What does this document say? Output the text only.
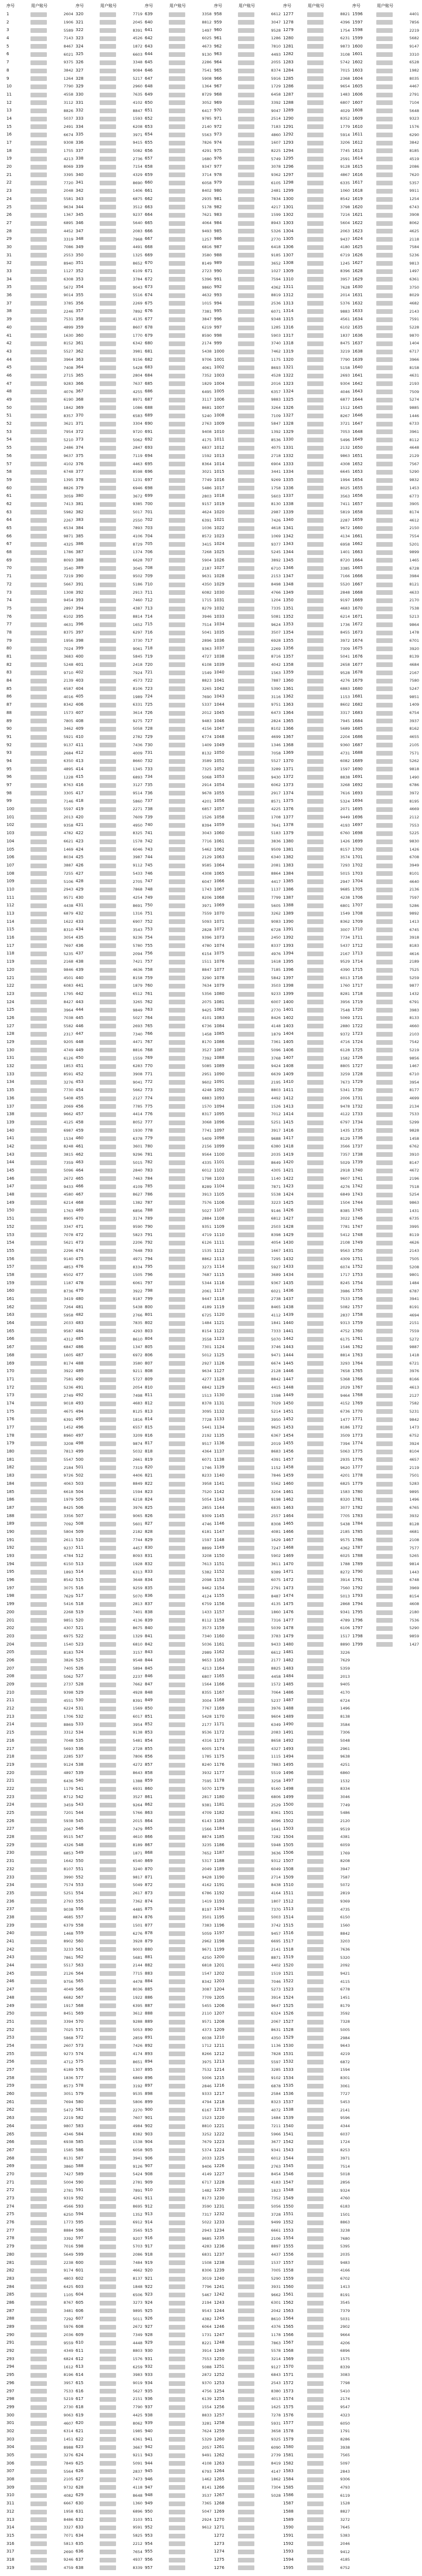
序号	用户账号	序号	用户账号	序号	用户账号	序号	用户账号	序号	用户账号	序号	用户账号
1	2604	320	7719	639	3358	958	6612	1277	8821	1596	4401
2	1906	321	2045	640	8812	959	3047	1278	4396	1597	7856
3	5589	322	8391	641	1497	960	9528	1279	1754	1598	2219
4	7143	323	4526	642	6025	961	1286	1280	6231	1599	5682
5	8467	324	1872	643	4673	962	7810	1281	9873	1600	9147
6	6021	325	6603	644	9130	963	4493	1282	3108	1601	3310
7	9375	326	3348	645	2286	964	2055	1283	5742	1602	6528
8	3842	327	9084	646	7541	965	8374	1284	7015	1603	1982
9	1264	328	5217	647	5908	966	5916	1285	2368	1604	8035
10	7790	329	2960	648	1364	967	1729	1286	9654	1605	4467
11	4558	330	7635	649	8729	968	6458	1287	1483	1606	2791
12	3112	331	4102	650	3052	969	3392	1288	6807	1607	7104
13	8826	332	8847	651	6417	970	9047	1289	4029	1608	5648
14	5037	333	1593	652	9785	971	2514	1290	8352	1609	9323
15	2491	334	6208	653	2140	972	7183	1291	1779	1610	1576
16	6674	335	3971	654	5563	973	4860	1292	5914	1611	6290
17	9308	336	9415	655	7826	974	1607	1293	3206	1612	3842
18	1755	337	5082	656	4291	975	8225	1294	7745	1613	8185
19	4213	338	2736	657	1680	976	5749	1295	2591	1614	4519
20	8069	339	7154	658	9347	977	3078	1296	9128	1615	2086
21	3395	340	4329	659	3714	978	9362	1297	4867	1616	7620
22	7720	341	8690	660	6058	979	6105	1298	6335	1617	5357
23	2048	342	1406	661	8402	980	2481	1299	1060	1618	9911
24	5581	343	6875	662	2935	981	7834	1300	8542	1619	1254
25	9634	344	3512	663	5178	982	4217	1301	3798	1620	6743
26	1367	345	9237	664	7621	983	1599	1302	7216	1621	3908
27	6895	346	5640	665	4064	984	8943	1303	5604	1622	8062
28	4452	347	2083	666	9493	985	5326	1304	2063	1623	4625
29	3319	348	7968	667	1257	986	2770	1305	9437	1624	2118
30	7086	349	4491	668	6816	987	6418	1306	4180	1625	7584
31	2553	350	1325	669	3580	988	9185	1307	6719	1626	5236
32	8940	351	8652	670	8149	989	3652	1308	1245	1627	9813
33	1127	352	6109	671	2723	990	1027	1309	8396	1628	1497
34	6308	353	3784	672	5396	991	7594	1310	3957	1629	6361
35	5672	354	9043	673	9860	992	4362	1311	7628	1630	3750
36	9014	355	5516	674	4632	993	8819	1312	2014	1631	8029
37	3785	356	2269	675	1015	994	2536	1313	5376	1632	4682
38	2246	357	7892	676	7381	995	6071	1314	9883	1633	2143
39	7531	358	4135	677	3847	996	9348	1315	4561	1634	7591
40	4899	359	8607	678	6219	997	1285	1316	6102	1635	5228
41	1630	360	1770	679	8590	998	5903	1317	1837	1636	9870
42	8152	361	6342	680	2174	999	3740	1318	8475	1637	1404
43	5527	362	3981	681	5438	1000	7462	1319	3219	1638	6717
44	3964	363	9156	682	9706	1001	1175	1320	7790	1639	3966
45	7408	364	5428	683	4061	1002	8693	1321	5158	1640	8158
46	2715	365	2804	684	7352	1003	4528	1322	2693	1641	4631
47	9283	366	7637	685	1829	1004	2016	1323	9304	1642	2193
48	4076	367	4255	686	6495	1005	6357	1324	4046	1643	7509
49	6190	368	8971	687	3117	1006	9883	1325	6877	1644	5274
50	1842	369	1086	688	8681	1007	3264	1326	1512	1645	9885
51	8357	370	6583	689	5240	1008	7109	1327	8267	1646	1446
52	3621	371	3304	690	2763	1009	5847	1328	3721	1647	6733
53	7954	372	9720	691	9408	1010	1392	1329	7053	1648	3961
54	5210	373	5062	692	4175	1011	8536	1330	5496	1649	8112
55	2486	374	2847	693	6837	1012	4075	1331	2132	1650	4648
56	9637	375	7119	694	1592	1013	2718	1332	9863	1651	2129
57	4102	376	4463	695	8364	1014	6904	1333	4308	1652	7567
58	6748	377	8598	696	3021	1015	3441	1334	6645	1653	5290
59	1395	378	1231	697	7749	1016	9269	1335	1994	1654	9832
60	8826	379	6946	698	5486	1017	1758	1336	8025	1655	1453
61	3059	380	3672	699	2803	1018	5603	1337	3563	1656	6773
62	7413	381	9385	700	9157	1019	8130	1338	7411	1657	3905
63	5982	382	5017	701	4624	1020	2987	1339	5819	1658	8174
64	2267	383	2550	702	6391	1021	7426	1340	2287	1659	4612
65	6534	384	7893	703	1036	1022	4618	1341	9672	1660	2150
66	9871	385	4106	704	8572	1023	1069	1342	4134	1661	7554
67	4325	386	8729	705	3415	1024	9377	1343	6958	1662	5201
68	1786	387	1374	706	7268	1025	5245	1344	1401	1663	9899
69	8093	388	6628	707	5904	1026	3892	1345	8720	1664	1465
70	3540	389	3045	708	2187	1027	6710	1346	3385	1665	6728
71	7219	390	9502	709	9631	1028	2153	1347	7166	1666	3984
72	5667	391	5186	710	4350	1029	8498	1348	5520	1667	8121
73	1308	392	2913	711	6082	1030	4766	1349	2848	1668	4633
74	9454	393	7460	712	1715	1031	1204	1350	9197	1669	2170
75	2897	394	4387	713	8279	1032	7335	1351	4683	1670	7538
76	6102	395	8814	714	3946	1033	5081	1352	6214	1671	5213
77	4631	396	1652	715	7514	1034	9624	1353	1736	1672	9864
78	8375	397	6297	716	5041	1035	3507	1354	8455	1673	1478
79	1956	398	3730	717	2896	1036	6928	1355	3972	1674	6701
80	7024	399	9061	718	9363	1037	2269	1356	7309	1675	3920
81	3683	400	5845	719	4727	1038	8716	1357	5041	1676	8139
82	5248	401	2418	720	6108	1039	4042	1358	2658	1677	4684
83	9710	402	7924	721	1549	1040	1563	1359	9528	1678	2167
84	2139	403	4573	722	8823	1041	7887	1360	4276	1679	7580
85	6587	404	8106	723	3265	1042	5390	1361	6883	1680	5247
86	4016	405	1989	724	7690	1043	3116	1362	1153	1681	9851
87	8342	406	6331	725	5337	1044	9751	1363	8602	1682	1409
88	1573	407	3614	726	2012	1045	6473	1364	3317	1683	6754
89	7805	408	9275	727	9483	1046	2824	1365	7945	1684	3937
90	3462	409	5058	728	4156	1047	8102	1366	5689	1685	8162
91	5921	410	2782	729	6774	1048	4699	1367	2204	1686	4655
92	9137	411	7436	730	1409	1049	1346	1368	9360	1687	2105
93	2684	412	4009	731	8132	1050	7058	1369	4731	1688	7571
94	6350	413	8660	732	3589	1051	5527	1370	6082	1689	5262
95	4895	414	1345	733	7325	1052	3289	1371	1597	1690	9818
96	1228	415	6893	734	5068	1053	9430	1372	8838	1691	1490
97	8763	416	3127	735	2914	1054	6062	1373	3268	1692	6786
98	3305	417	9514	736	9678	1055	2917	1374	7616	1693	3972
99	7146	418	5860	737	4201	1056	8571	1375	5324	1694	8195
100	5597	419	2271	738	6857	1057	4225	1376	2071	1695	4669
101	2013	420	7609	739	1526	1058	1708	1377	9449	1696	2112
102	9358	421	4950	740	8394	1059	7641	1378	4193	1697	7553
103	4782	422	8325	741	3043	1060	5183	1379	6760	1698	5225
104	6621	423	1578	742	7716	1061	3836	1380	1426	1699	9830
105	1469	424	6046	743	5462	1062	9509	1381	8157	1700	1426
106	8034	425	3987	744	2129	1063	6340	1382	3574	1701	6708
107	3887	426	9112	745	9585	1064	2081	1383	7293	1702	3949
108	7255	427	5433	746	4308	1065	8864	1384	5015	1703	8101
109	5106	428	2705	747	6047	1066	4417	1385	2947	1704	4640
110	2943	429	7868	748	1743	1067	1137	1386	9685	1705	2136
111	9571	430	4254	749	8206	1068	7799	1387	4238	1706	7597
112	4438	431	8691	750	3971	1069	5605	1388	6801	1707	5286
113	6879	432	1316	751	7559	1070	3262	1389	1549	1708	9892
114	1622	433	6907	752	5093	1071	9083	1390	8362	1709	1413
115	8310	434	3543	753	2828	1072	6728	1391	3007	1710	6745
116	3054	435	9236	754	9396	1073	2450	1392	7734	1711	3918
117	7697	436	5780	755	4780	1074	8337	1393	5437	1712	8183
118	5235	437	2094	756	6154	1075	4976	1394	2167	1713	4616
119	2168	438	7421	757	1511	1076	1618	1395	9529	1714	2189
120	9846	439	4636	758	8847	1077	7185	1396	4390	1715	7525
121	4501	440	8158	759	3290	1078	5842	1397	6013	1716	5259
122	6083	441	1879	760	7634	1079	3503	1398	1760	1717	9877
123	1795	442	6512	761	5356	1080	9233	1399	8281	1718	1432
124	8427	443	3265	762	2075	1081	6007	1400	3956	1719	6791
125	3964	444	9849	763	9425	1082	2770	1401	7548	1720	3983
126	7038	445	5027	764	4101	1083	8426	1402	5069	1721	8133
127	5582	446	2693	765	6736	1084	4148	1403	2880	1722	4660
128	2317	447	7340	766	1458	1085	1879	1404	9372	1723	2103
129	9205	448	4471	767	8170	1086	7361	1405	4716	1724	7542
130	4749	449	8816	768	3527	1087	5096	1406	6128	1725	5219
131	6126	450	1559	769	7392	1088	3768	1407	1582	1726	9856
132	1853	451	6283	770	5085	1089	9424	1408	8805	1727	1467
133	8591	452	3908	771	2951	1090	6639	1409	3259	1728	6710
134	3276	453	9041	772	9602	1091	2195	1410	7673	1729	3954
135	7730	454	5662	773	4248	1092	8803	1411	5341	1730	8177
136	5408	455	2127	774	6883	1093	4492	1412	2006	1731	4699
137	2069	456	7785	775	1570	1094	1526	1413	9478	1732	2134
138	9662	457	4414	776	8317	1095	7012	1414	4122	1733	7533
139	4125	458	8052	777	3068	1096	5251	1415	6797	1734	5299
140	6987	459	1930	778	7741	1097	3917	1416	1435	1735	9828
141	1534	460	6378	779	5409	1098	9688	1417	8129	1736	1458
142	8248	461	3601	780	2156	1099	6380	1418	3566	1737	6762
143	3815	462	9296	781	9564	1100	2035	1419	7357	1738	3910
144	7359	463	5015	782	4335	1101	8649	1420	5029	1739	8147
145	5096	464	2840	783	6012	1102	4305	1421	2918	1740	4672
146	2672	465	7463	784	1798	1103	1140	1422	9607	1741	2196
147	9433	466	4109	785	8289	1104	7871	1423	4276	1742	7518
148	4580	467	8627	786	3913	1105	5538	1424	6849	1743	5254
149	6214	468	1382	787	7576	1106	3223	1425	1504	1744	9863
150	1763	469	6856	788	5027	1107	9146	1426	8385	1745	1431
151	8905	470	3174	789	2884	1108	6812	1427	3022	1746	6735
152	3347	471	9590	790	9351	1109	2503	1428	7781	1747	3995
153	7078	472	5823	791	4719	1110	8398	1429	5412	1748	8119
154	5621	473	2206	792	6126	1111	4054	1430	2108	1749	4626
155	2296	474	7648	793	1535	1112	1667	1431	9563	1750	2143
156	9140	475	4971	794	8862	1113	7295	1432	4309	1751	7505
157	4853	476	8334	795	3273	1114	5927	1433	6074	1752	5208
158	6502	477	1505	796	7687	1115	3689	1434	1717	1753	9801
159	1187	478	6061	797	5344	1116	9367	1435	8245	1754	1484
160	8736	479	3922	798	2061	1117	6021	1436	3986	1755	6787
161	3419	480	9187	799	9447	1118	2738	1437	7533	1756	3941
162	7264	481	5438	800	4189	1119	8465	1438	5082	1757	8191
163	5958	482	2766	801	6725	1120	4112	1439	2837	1758	4694
164	2033	483	7835	802	1484	1121	1841	1440	9313	1759	2151
165	9587	484	4293	803	8154	1122	7333	1441	4752	1760	7559
166	4312	485	8610	804	3558	1123	5070	1442	6175	1761	5272
167	6847	486	1347	805	7301	1124	3746	1443	1546	1762	9887
168	1605	487	6972	806	5012	1125	9471	1444	8814	1763	1418
169	8174	488	3580	807	2927	1126	6674	1445	3293	1764	6721
170	3922	489	9211	808	9634	1127	2128	1446	7658	1765	3976
171	7581	490	5727	809	4277	1128	8842	1447	5368	1766	8166
172	5236	491	2054	810	6842	1129	4415	1448	2029	1767	4613
173	2749	492	7498	811	1513	1130	1598	1449	9464	1768	2127
174	9018	493	4683	812	8378	1131	7029	1450	4152	1769	7582
175	4675	494	8125	813	3095	1132	5214	1451	6736	1770	5231
176	6391	495	1816	814	7728	1133	3950	1452	1477	1771	9842
177	1452	496	6557	815	5441	1134	9625	1453	8186	1772	1473
178	8960	497	3209	816	2192	1135	6367	1454	3509	1773	6752
179	3208	498	9874	817	9517	1136	2019	1455	7394	1774	3924
180	7813	499	5032	818	4364	1137	8683	1456	5063	1775	8104
181	5547	500	2661	819	6071	1138	4391	1457	2935	1776	4657
182	2184	501	7319	820	1746	1139	1152	1458	9620	1777	2119
183	9726	502	4406	821	8233	1140	7846	1459	4201	1778	7501
184	4063	503	8849	822	3958	1141	5562	1460	6825	1779	5283
185	6618	504	1594	823	7520	1142	3204	1461	1583	1780	9895
186	1979	505	6218	824	5054	1143	9198	1462	8320	1781	1496
187	8425	506	3976	825	2855	1144	6835	1463	3077	1782	6765
188	3356	507	9065	826	9309	1145	2557	1464	7705	1783	3932
189	7092	508	5601	827	4746	1146	8308	1465	5438	1784	8128
190	5804	509	2182	828	6181	1147	4081	1466	2185	1785	4681
191	2611	510	7744	829	1597	1148	1629	1467	9575	1786	2108
192	9237	511	4457	830	8899	1149	7247	1468	4362	1787	7577
193	4784	512	8093	831	3208	1150	5902	1469	6025	1788	5265
194	6150	513	1928	832	7613	1151	3611	1470	1788	1789	9814
195	1893	514	6313	833	5382	1152	9389	1471	8272	1790	1443
196	8542	515	3648	834	2098	1153	6075	1472	3914	1791	6748
197	3075	516	9259	835	9462	1154	2791	1473	7560	1792	3969
198	7629	517	5070	836	4124	1155	8487	1474	5013	1793	8154
199	5416	518	2813	837	6759	1156	4135	1475	2868	1794	4608
200	2268	519	7401	838	1433	1157	1860	1476	9341	1795	2180
201	9851	520	4136	839	8112	1158	7316	1477	4789	1796	7536
202	4307	521	8675	840	3573	1159	5039	1478	6106	1797	5290
203	6975	522	1329	841	7340	1160	3783	1479	1517	1798	9859
204	1540	523	6810	842	5036	1161	9433	1480	8890	1799	1427
205	8183	524	3157	843	2989	1162	6612	1481	3226		
206	3826	525	9548	844	9653	1163	2177	1482	7629		
207	7405	526	5894	845	4213	1164	8825	1483	5359		
208	5062	527	2237	846	6807	1165	4458	1484	2013		
209	2737	528	7662	847	1564	1166	1572	1485	9405		
210	9398	529	4928	848	8355	1167	7064	1486	4170		
211	4551	530	8391	849	3004	1168	5237	1487	6724		
212	6224	531	1569	850	7767	1169	3976	1488	1496		
213	1706	532	6017	851	5428	1170	9604	1489	8138		
214	8869	533	3954	852	2177	1171	6349	1490	3584		
215	3312	534	9138	853	9536	1172	2083	1491	7306		
216	7048	535	5481	854	4316	1173	8658	1492	5048		
217	5693	536	2728	855	6005	1174	4327	1493	2961		
218	2285	537	7806	856	1785	1175	1115	1494	9638		
219	9124	538	4272	857	8240	1176	7883	1495	4251		
220	4897	539	8643	858	3932	1177	5519	1496	6860		
221	6436	540	1388	859	7595	1178	3258	1497	1532		
222	1179	541	6931	860	5070	1179	9160	1498	8334		
223	8712	542	3527	861	2817	1180	6806	1499	3046		
224	3459	543	9264	862	9381	1181	2529	1500	7749		
225	7201	544	5766	863	4709	1182	8361	1501	5486		
226	5938	545	2015	864	6143	1183	4096	1502	2120		
227	2067	546	7479	865	1566	1184	1641	1503	9519		
228	9515	547	4610	866	8874	1185	7282	1504	4381		
229	4326	548	8189	867	3235	1186	5948	1505	6059		
230	6853	549	1871	868	7652	1187	3636	1506	1769		
231	1642	550	6540	869	5317	1188	9312	1507	8208		
232	8107	551	3240	870	2049	1189	6049	1508	3947		
233	3990	552	9817	871	9428	1190	2714	1509	7587		
234	7574	553	5049	872	4162	1191	8438	1510	5072		
235	5251	554	2617	873	6786	1192	4164	1511	2819		
236	2793	555	7362	874	1419	1193	1807	1512	9369		
237	9038	556	4485	875	8197	1194	7370	1513	4735		
238	4685	557	8874	876	3501	1195	5003	1514	6150		
239	6379	558	1501	877	7383	1196	3742	1515	1560		
240	1468	559	6276	878	5059	1197	9457	1516	8842		
241	8902	560	3928	879	2962	1198	6695	1517	3203		
242	3233	561	9003	880	9671	1199	2141	1518	7636		
243	7861	562	5681	881	4250	1200	8871	1519	5320		
244	5517	563	2144	882	6818	1201	4402	1520	2092		
245	2126	564	7715	883	1547	1202	1519	1521	9421		
246	9756	565	4478	884	8342	1203	7046	1522	4115		
247	4049	566	8036	885	3087	1204	5273	1523	6778		
248	6682	567	1922	886	7709	1205	3914	1524	1451		
249	1917	568	6395	887	5455	1206	9647	1525	8179		
250	8451	569	3612	888	2110	1207	6324	1526	3592		
251	3394	570	9288	889	9571	1208	2067	1527	7328		
252	7025	571	5053	890	4373	1209	8631	1528	5005		
253	5868	572	2859	891	6038	1210	4350	1529	2984		
254	2607	573	7426	892	1712	1211	1136	1530	9643		
255	9273	574	4174	893	8266	1212	7828	1531	4219		
256	4712	575	8651	894	3975	1213	5597	1532	6872		
257	6189	576	1307	895	7532	1214	3285	1533	1594		
258	1836	577	6869	896	5006	1215	9102	1534	8301		
259	8573	578	3192	897	2846	1216	6878	1535	3061		
260	3051	579	9535	898	9333	1217	2584	1536	7727		
261	7694	580	5806	899	4794	1218	8323	1537	5453		
262	5472	581	2270	900	6167	1219	4072	1538	2141		
263	2219	582	7607	901	1523	1220	1684	1539	9596		
264	9807	583	4984	902	8810	1221	7211	1540	4344		
265	4346	584	8382	903	3252	1222	5966	1541	6037		
266	6938	585	1538	904	7679	1223	3677	1542	1724		
267	1585	586	6058	905	5374	1224	9341	1543	8253		
268	8131	587	3941	906	2033	1225	6012	1544	3971		
269	3860	588	9126	907	9406	1226	2763	1545	7514		
270	7427	589	5424	908	4149	1227	8454	1546	5018		
271	5004	590	2781	909	6717	1228	4183	1547	2856		
272	2781	591	7891	910	1482	1229	1823	1548	9324		
273	9319	592	4261	911	8173	1230	7352	1549	4760		
274	4566	593	8695	912	3590	1231	5056	1550	6183		
275	6250	594	1352	913	7317	1232	3728	1551	1501		
276	1773	595	6912	914	5022	1233	9499	1552	8863		
277	8884	596	3565	915	2943	1234	6661	1553	3238		
278	3392	597	9207	916	9685	1235	2106	1554	7680		
279	7016	598	5703	917	4283	1236	8897	1555	5395		
280	5649	599	2086	918	6831	1237	4437	1556	2035		
281	2238	600	7484	919	1508	1238	1537	1557	9483		
282	9174	601	4662	920	8306	1239	7005	1558	4166		
283	4803	602	8137	921	3019	1240	5290	1559	6702		
284	6425	603	1848	922	7796	1241	3931	1560	1413		
285	1105	604	6506	923	5467	1242	9662	1561	8191		
286	8767	605	3273	924	2194	1243	6301	1562	3545		
287	3481	606	9895	925	9543	1244	2042	1563	7379		
288	7292	607	5011	926	4382	1245	8610	1564	5031		
289	5976	608	2672	927	6064	1246	4376	1565	2902		
290	2036	609	7349	928	1731	1247	1178	1566	9664		
291	9559	610	4448	929	8221	1248	7863	1567	4206		
292	4349	611	8803	930	3914	1249	5578	1568	6896		
293	6824	612	1576	931	7553	1250	3214	1569	1575		
294	1612	613	6259	932	5088	1251	9127	1570	8339		
295	8196	614	3983	933	2872	1252	6843	1571	3083		
296	3957	615	9019	934	9370	1253	2543	1572	7798		
297	7533	616	5627	935	4756	1254	8380	1573	5410		
298	5219	617	2151	936	6139	1255	4013	1574	2174		
299	2730	618	7790	937	1554	1256	1625	1575	9547		
300	9063	619	4425	938	8833	1257	7278	1576	4323		
301	4607	620	8062	939	3281	1258	5931	1577	6050		
302	6314	621	1985	940	7624	1259	3658	1578	1791		
303	1451	622	6361	941	5329	1260	9325	1579	8286		
304	8988	623	3667	942	2057	1261	6090	1580	3938		
305	3276	624	9211	943	9491	1262	2739	1581	7565		
306	7849	625	5091	944	4108	1263	8419	1582	5097		
307	5564	626	2837	945	6793	1264	4147	1583	2843		
308	2105	627	7473	946	1462	1265	1862	1584	9306		
309	9732	628	4118	947	8141	1266	7304	1585	4793		
310	4082	629	8648	948	3537	1267	5028	1586	6119		
311	6667	630	1360	949	7365	1268		1587	1528		
312	1958	631	6896	950	5047	1269		1588	8827		
313	8486	632	3103	951	2924	1270		1589	3272		
314	3327	633	9591	952	9612	1271		1590	7645		
315	7071	634	5825	953		1272		1591	5383		
316	5813	635	2212	954		1273		1592	2046		
317	2690	636	7654	955		1274		1593	9412		
318	9246	637	4937	956		1275		1594	4185		
319	4759	638	8339	957		1276		1595	6752		
